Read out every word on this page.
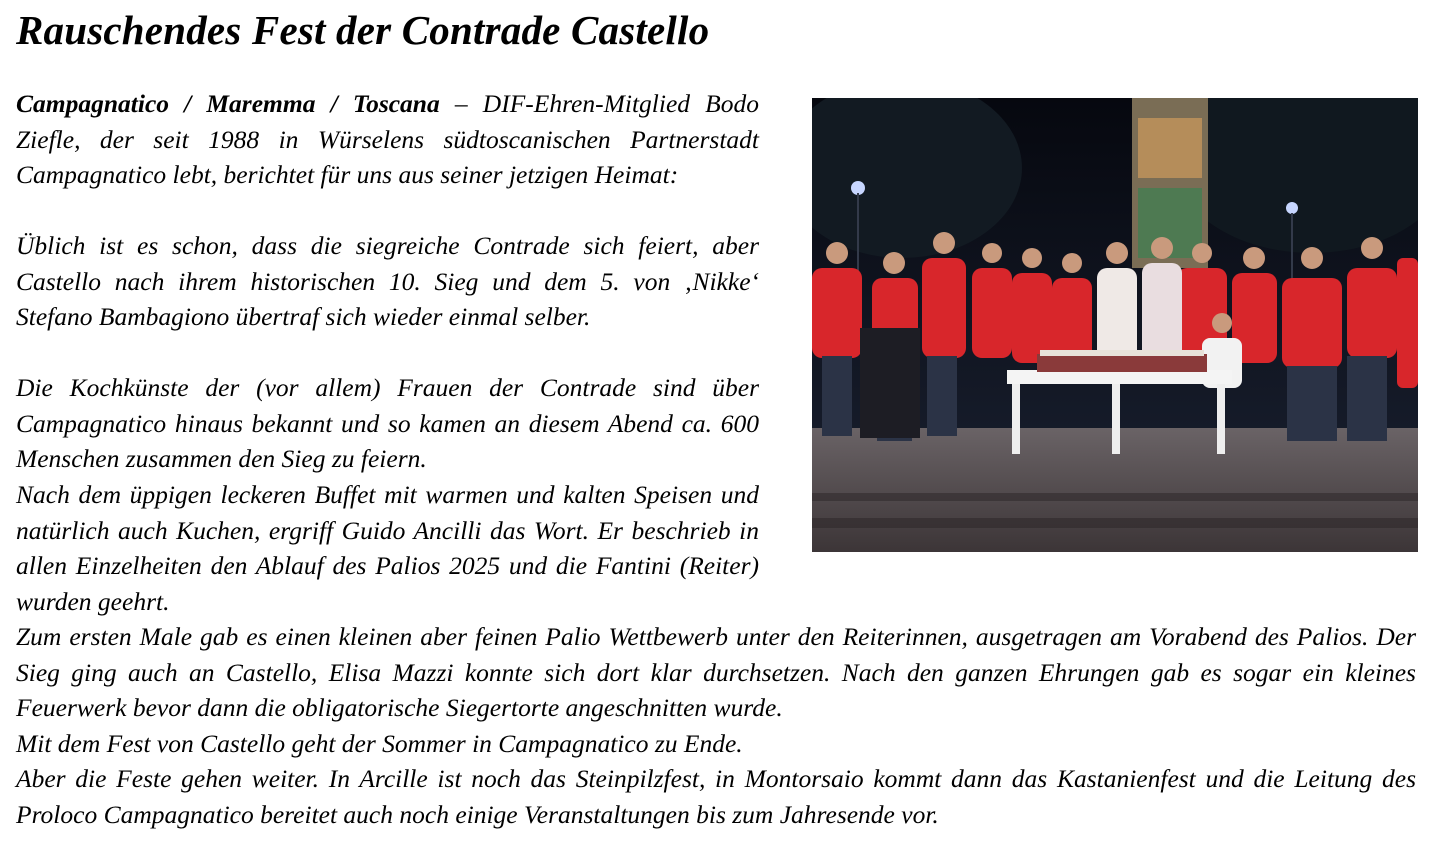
Rauschendes Fest der Contrade Castello

Campagnatico / Maremma / Toscana – DIF-Ehren-Mitglied Bodo Ziefle, der seit 1988 in Würselens südtoscanischen Partnerstadt Campagnatico lebt, berichtet für uns aus seiner jetzigen Heimat:

Üblich ist es schon, dass die siegreiche Contrade sich feiert, aber Castello nach ihrem historischen 10. Sieg und dem 5. von ‚Nikke‘ Stefano Bambagiono übertraf sich wieder einmal selber.

Die Kochkünste der (vor allem) Frauen der Contrade sind über Campagnatico hinaus bekannt und so kamen an diesem Abend ca. 600 Menschen zusammen den Sieg zu feiern.

Nach dem üppigen leckeren Buffet mit warmen und kalten Speisen und natürlich auch Kuchen, ergriff Guido Ancilli das Wort. Er beschrieb in allen Einzelheiten den Ablauf des Palios 2025 und die Fantini (Reiter) wurden geehrt.

Zum ersten Male gab es einen kleinen aber feinen Palio Wettbewerb unter den Reiterinnen, ausgetragen am Vorabend des Palios. Der Sieg ging auch an Castello, Elisa Mazzi konnte sich dort klar durchsetzen. Nach den ganzen Ehrungen gab es sogar ein kleines Feuerwerk bevor dann die obligatorische Siegertorte angeschnitten wurde.

Mit dem Fest von Castello geht der Sommer in Campagnatico zu Ende.

Aber die Feste gehen weiter. In Arcille ist noch das Steinpilzfest, in Montorsaio kommt dann das Kastanienfest und die Leitung des Proloco Campagnatico bereitet auch noch einige Veranstaltungen bis zum Jahresende vor.
